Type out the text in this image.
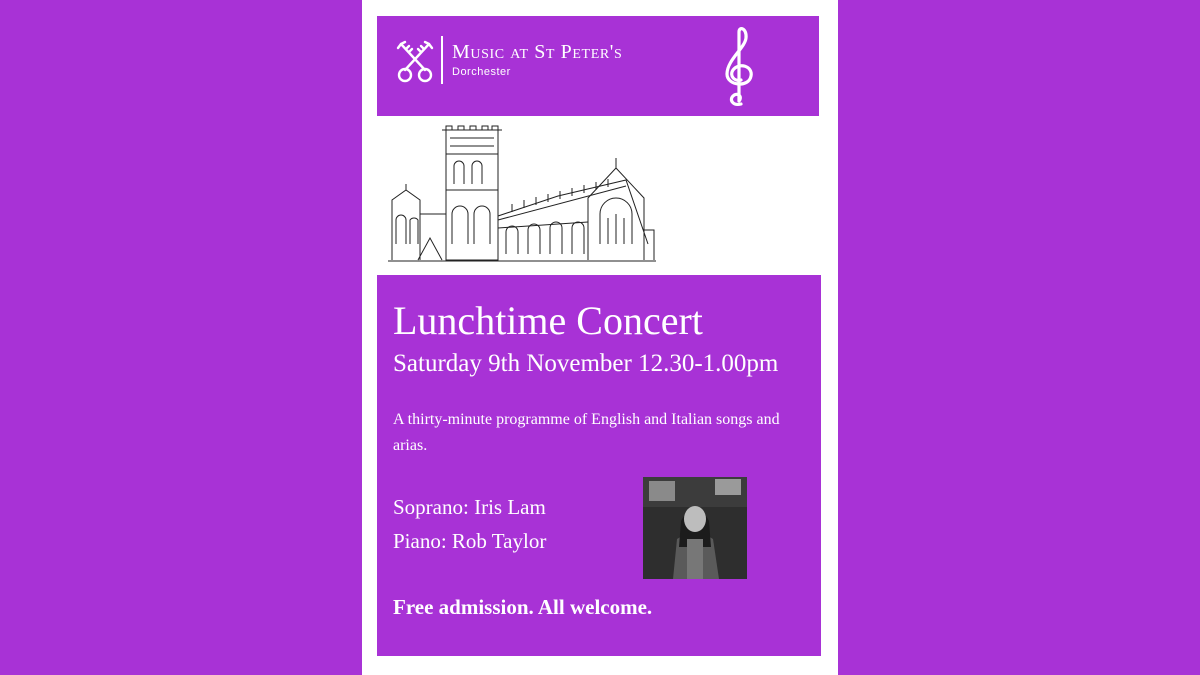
Music at St Peter's
Dorchester
Lunchtime Concert
Saturday 9th November 12.30-1.00pm
A thirty-minute programme of English and Italian songs and arias.
Soprano: Iris Lam
Piano: Rob Taylor
Free admission. All welcome.
